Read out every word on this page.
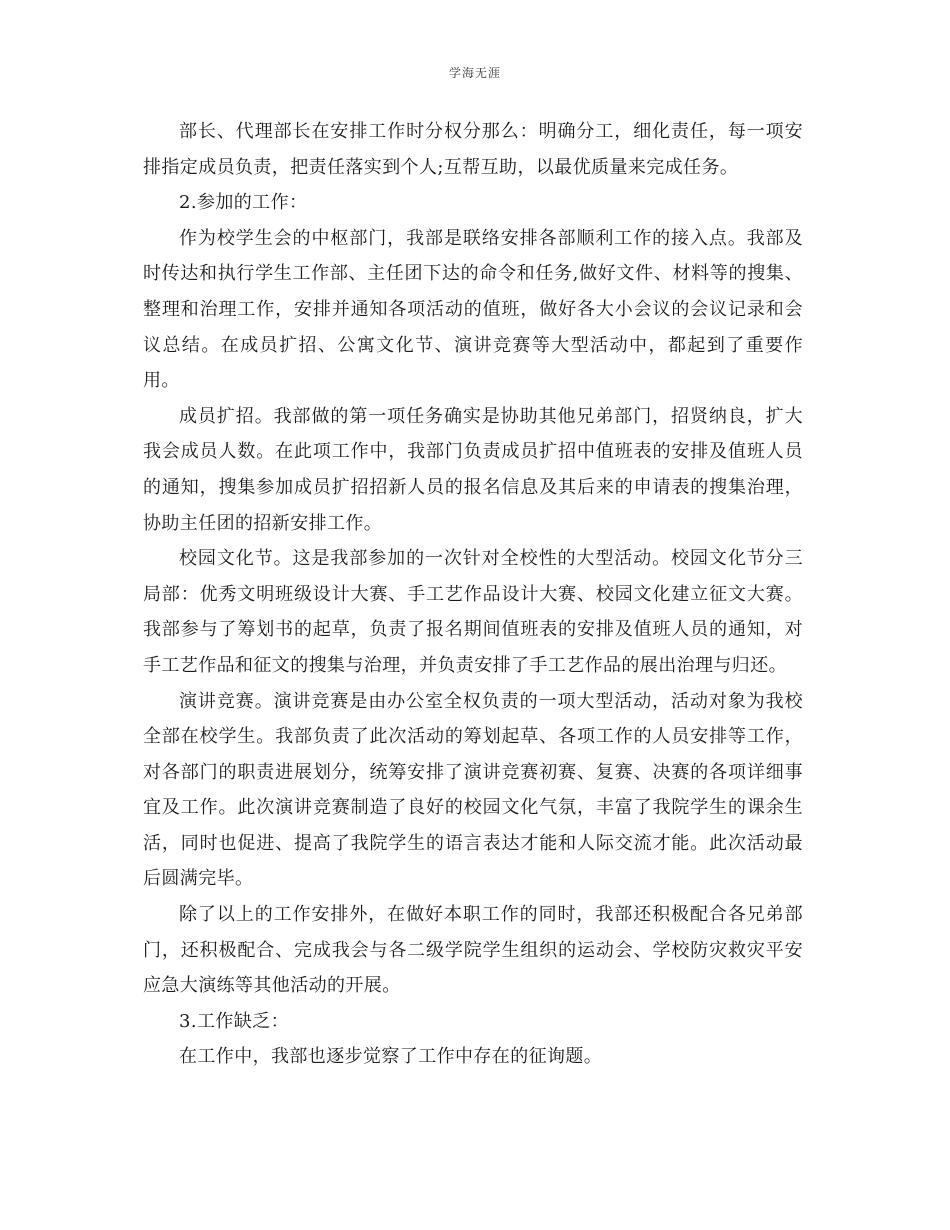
学海无涯

部长、代理部长在安排工作时分权分那么：明确分工，细化责任，每一项安排指定成员负责，把责任落实到个人;互帮互助，以最优质量来完成任务。

2.参加的工作：

作为校学生会的中枢部门，我部是联络安排各部顺利工作的接入点。我部及时传达和执行学生工作部、主任团下达的命令和任务,做好文件、材料等的搜集、整理和治理工作，安排并通知各项活动的值班，做好各大小会议的会议记录和会议总结。在成员扩招、公寓文化节、演讲竞赛等大型活动中，都起到了重要作用。

成员扩招。我部做的第一项任务确实是协助其他兄弟部门，招贤纳良，扩大我会成员人数。在此项工作中，我部门负责成员扩招中值班表的安排及值班人员的通知，搜集参加成员扩招招新人员的报名信息及其后来的申请表的搜集治理，协助主任团的招新安排工作。

校园文化节。这是我部参加的一次针对全校性的大型活动。校园文化节分三局部：优秀文明班级设计大赛、手工艺作品设计大赛、校园文化建立征文大赛。我部参与了筹划书的起草，负责了报名期间值班表的安排及值班人员的通知，对手工艺作品和征文的搜集与治理，并负责安排了手工艺作品的展出治理与归还。

演讲竞赛。演讲竞赛是由办公室全权负责的一项大型活动，活动对象为我校全部在校学生。我部负责了此次活动的筹划起草、各项工作的人员安排等工作，对各部门的职责进展划分，统筹安排了演讲竞赛初赛、复赛、决赛的各项详细事宜及工作。此次演讲竞赛制造了良好的校园文化气氛，丰富了我院学生的课余生活，同时也促进、提高了我院学生的语言表达才能和人际交流才能。此次活动最后圆满完毕。

除了以上的工作安排外，在做好本职工作的同时，我部还积极配合各兄弟部门，还积极配合、完成我会与各二级学院学生组织的运动会、学校防灾救灾平安应急大演练等其他活动的开展。

3.工作缺乏：

在工作中，我部也逐步觉察了工作中存在的征询题。
